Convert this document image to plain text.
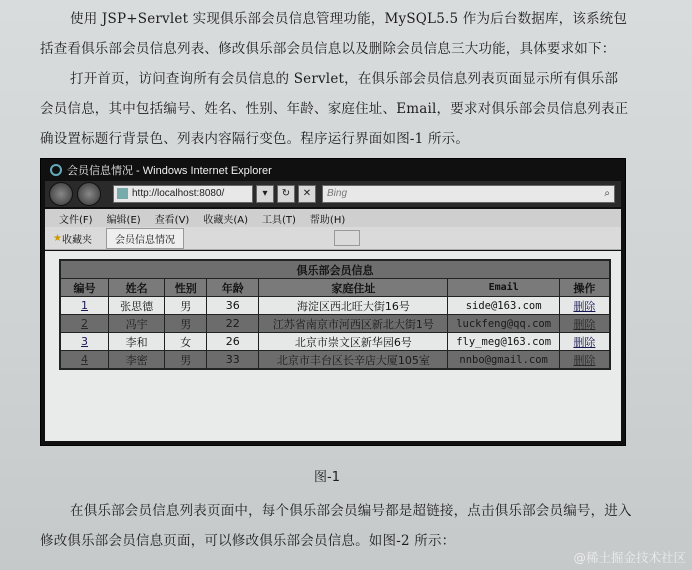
使用 JSP+Servlet 实现俱乐部会员信息管理功能，MySQL5.5 作为后台数据库，该系统包
括查看俱乐部会员信息列表、修改俱乐部会员信息以及删除会员信息三大功能，具体要求如下：
打开首页，访问查询所有会员信息的 Servlet，在俱乐部会员信息列表页面显示所有俱乐部
会员信息，其中包括编号、姓名、性别、年龄、家庭住址、Email，要求对俱乐部会员信息列表正
确设置标题行背景色、列表内容隔行变色。程序运行界面如图-1 所示。
会员信息情况 - Windows Internet Explorer
http://localhost:8080/	▾	↻	✕	Bing	⌕
文件(F) 编辑(E) 查看(V) 收藏夹(A) 工具(T) 帮助(H)
★ 收藏夹	会员信息情况
俱乐部会员信息						
编号	姓名	性别	年龄	家庭住址	Email	操作
1	张思德	男	36	海淀区西北旺大街16号	side@163.com	删除
2	冯宇	男	22	江苏省南京市河西区新北大街1号	luckfeng@qq.com	删除
3	李和	女	26	北京市崇文区新华园6号	fly_meg@163.com	删除
4	李密	男	33	北京市丰台区长辛店大厦105室	nnbo@gmail.com	删除
图-1
在俱乐部会员信息列表页面中，每个俱乐部会员编号都是超链接，点击俱乐部会员编号，进入
修改俱乐部会员信息页面，可以修改俱乐部会员信息。如图-2 所示：
@稀土掘金技术社区
